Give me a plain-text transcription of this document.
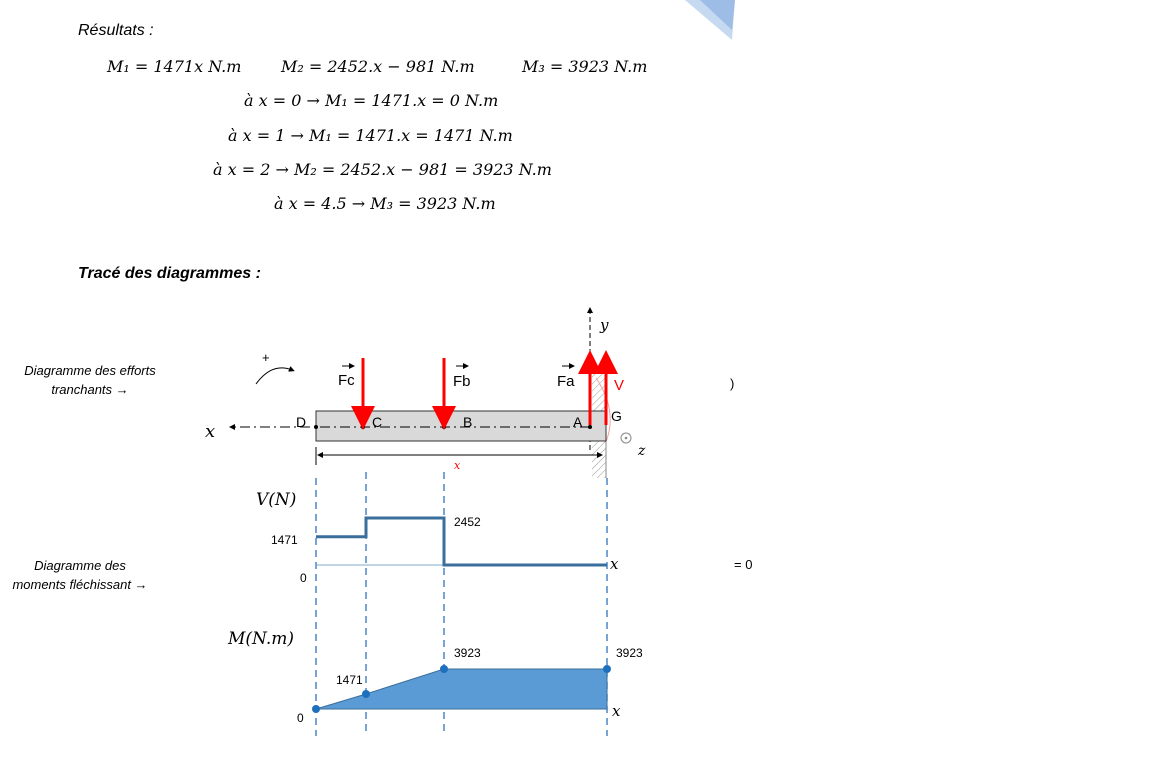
Résultats :
Tracé des diagrammes :
M₁ = 1471x N.m M₂ = 2452.x − 981 N.m	M₃ = 3923 N.m
à x = 0 → M₁ = 1471.x = 0 N.m
à x = 1 → M₁ = 1471.x = 1471 N.m
à x = 2 → M₂ = 2452.x − 981 = 3923 N.m
à x = 4.5 → M₃ = 3923 N.m
Diagramme des efforts
tranchants →
Diagramme des
moments fléchissant →
)
= 0
+
y
x	D	C	B	A G
z
Fc	Fb	Fa	V
x
V(N)
1471
2452
0
x
M(N.m)
1471
3923	3923
0	x
